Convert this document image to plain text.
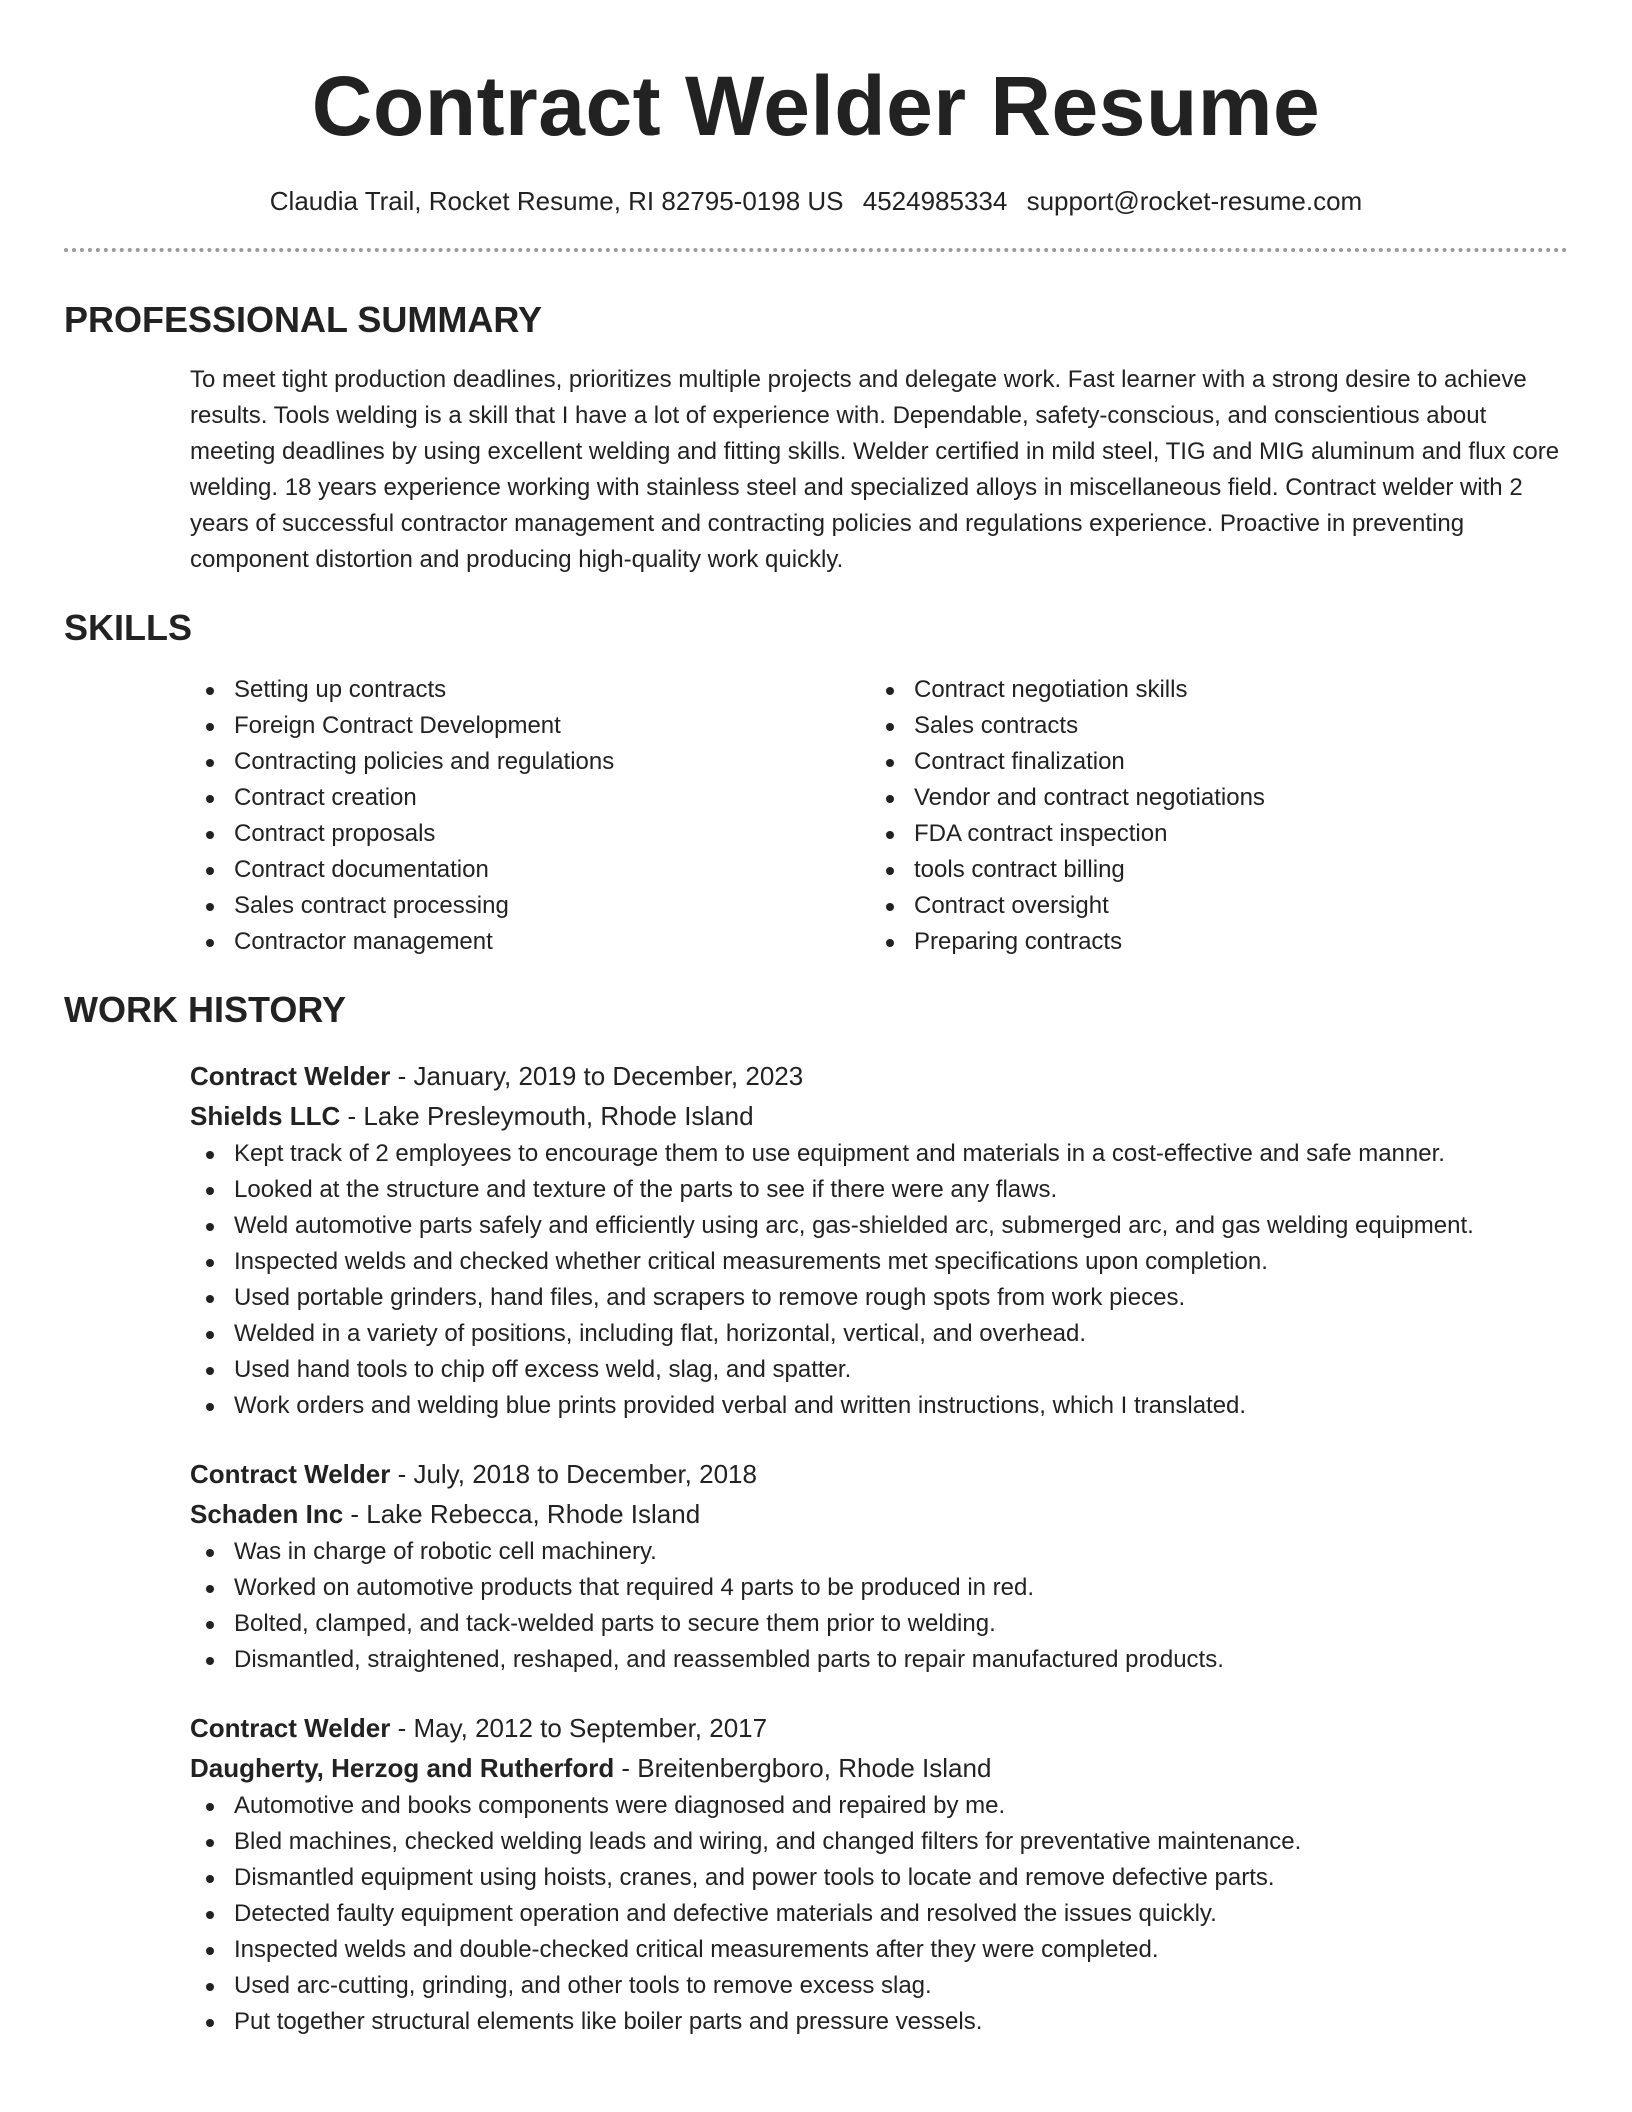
Contract Welder Resume
Claudia Trail, Rocket Resume, RI 82795-0198 US 4524985334 support@rocket-resume.com
PROFESSIONAL SUMMARY

To meet tight production deadlines, prioritizes multiple projects and delegate work. Fast learner with a strong desire to achieve results. Tools welding is a skill that I have a lot of experience with. Dependable, safety-conscious, and conscientious about meeting deadlines by using excellent welding and fitting skills. Welder certified in mild steel, TIG and MIG aluminum and flux core welding. 18 years experience working with stainless steel and specialized alloys in miscellaneous field. Contract welder with 2 years of successful contractor management and contracting policies and regulations experience. Proactive in preventing component distortion and producing high-quality work quickly.

SKILLS
Setting up contracts
Foreign Contract Development
Contracting policies and regulations
Contract creation
Contract proposals
Contract documentation
Sales contract processing
Contractor management
Contract negotiation skills
Sales contracts
Contract finalization
Vendor and contract negotiations
FDA contract inspection
tools contract billing
Contract oversight
Preparing contracts
WORK HISTORY
Contract Welder - January, 2019 to December, 2023
Shields LLC - Lake Presleymouth, Rhode Island
Kept track of 2 employees to encourage them to use equipment and materials in a cost-effective and safe manner.
Looked at the structure and texture of the parts to see if there were any flaws.
Weld automotive parts safely and efficiently using arc, gas-shielded arc, submerged arc, and gas welding equipment.
Inspected welds and checked whether critical measurements met specifications upon completion.
Used portable grinders, hand files, and scrapers to remove rough spots from work pieces.
Welded in a variety of positions, including flat, horizontal, vertical, and overhead.
Used hand tools to chip off excess weld, slag, and spatter.
Work orders and welding blue prints provided verbal and written instructions, which I translated.
Contract Welder - July, 2018 to December, 2018
Schaden Inc - Lake Rebecca, Rhode Island
Was in charge of robotic cell machinery.
Worked on automotive products that required 4 parts to be produced in red.
Bolted, clamped, and tack-welded parts to secure them prior to welding.
Dismantled, straightened, reshaped, and reassembled parts to repair manufactured products.
Contract Welder - May, 2012 to September, 2017
Daugherty, Herzog and Rutherford - Breitenbergboro, Rhode Island
Automotive and books components were diagnosed and repaired by me.
Bled machines, checked welding leads and wiring, and changed filters for preventative maintenance.
Dismantled equipment using hoists, cranes, and power tools to locate and remove defective parts.
Detected faulty equipment operation and defective materials and resolved the issues quickly.
Inspected welds and double-checked critical measurements after they were completed.
Used arc-cutting, grinding, and other tools to remove excess slag.
Put together structural elements like boiler parts and pressure vessels.
